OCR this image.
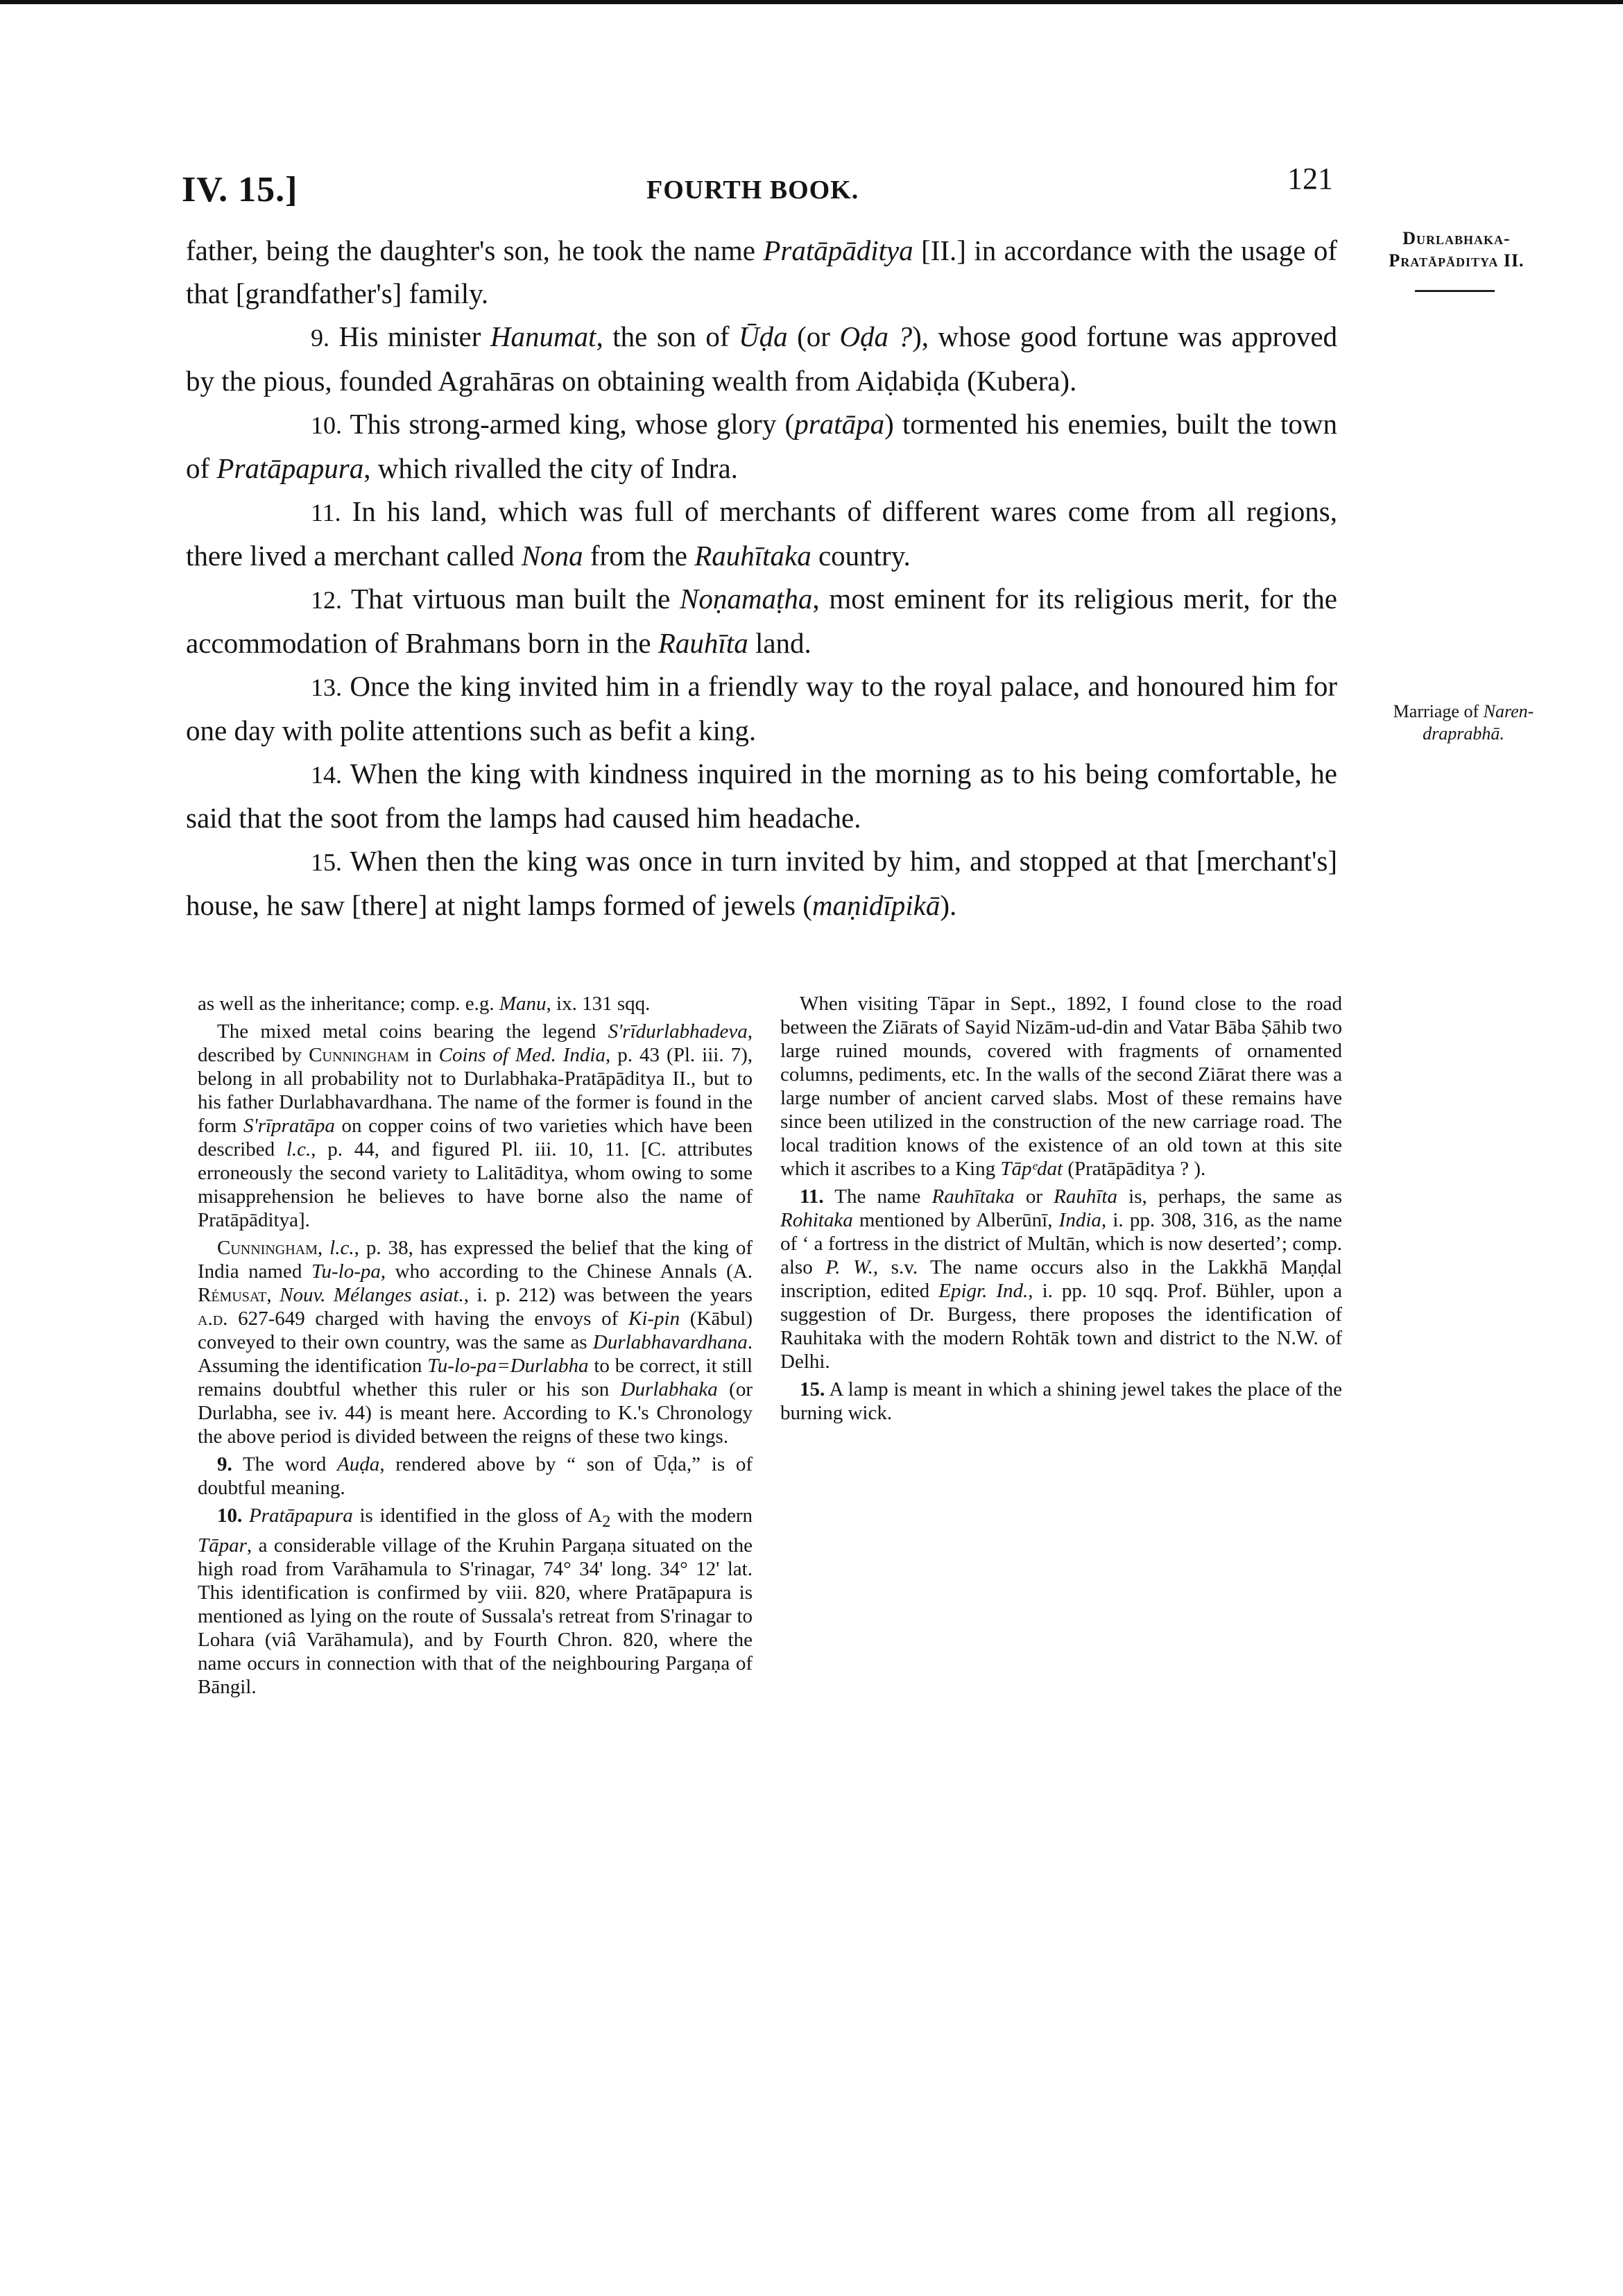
IV. 15.]	FOURTH BOOK.	121
Durlabhaka-
Pratāpāditya II.
Marriage of Naren-
draprabhā.

father, being the daughter's son, he took the name Pratāpāditya [II.] in accordance with the usage of that [grandfather's] family.

9. His minister Hanumat, the son of Ūḍa (or Oḍa ?), whose good fortune was approved by the pious, founded Agrahāras on obtaining wealth from Aiḍabiḍa (Kubera).

10. This strong-armed king, whose glory (pratāpa) tormented his enemies, built the town of Pratāpapura, which rivalled the city of Indra.

11. In his land, which was full of merchants of different wares come from all regions, there lived a merchant called Nona from the Rauhītaka country.

12. That virtuous man built the Noṇamaṭha, most eminent for its religious merit, for the accommodation of Brahmans born in the Rauhīta land.

13. Once the king invited him in a friendly way to the royal palace, and honoured him for one day with polite attentions such as befit a king.

14. When the king with kindness inquired in the morning as to his being comfortable, he said that the soot from the lamps had caused him headache.

15. When then the king was once in turn invited by him, and stopped at that [merchant's] house, he saw [there] at night lamps formed of jewels (maṇidīpikā).

as well as the inheritance; comp. e.g. Manu, ix. 131 sqq.

The mixed metal coins bearing the legend S'rīdurlabhadeva, described by Cunningham in Coins of Med. India, p. 43 (Pl. iii. 7), belong in all probability not to Durlabhaka-Pratāpāditya II., but to his father Durlabhavardhana. The name of the former is found in the form S'rīpratāpa on copper coins of two varieties which have been described l.c., p. 44, and figured Pl. iii. 10, 11. [C. attributes erroneously the second variety to Lalitāditya, whom owing to some misapprehension he believes to have borne also the name of Pratāpāditya].

Cunningham, l.c., p. 38, has expressed the belief that the king of India named Tu-lo-pa, who according to the Chinese Annals (A. Rémusat, Nouv. Mélanges asiat., i. p. 212) was between the years a.d. 627-649 charged with having the envoys of Ki-pin (Kābul) conveyed to their own country, was the same as Durlabhavardhana. Assuming the identification Tu-lo-pa=Durlabha to be correct, it still remains doubtful whether this ruler or his son Durlabhaka (or Durlabha, see iv. 44) is meant here. According to K.'s Chronology the above period is divided between the reigns of these two kings.

9. The word Auḍa, rendered above by “ son of Ūḍa,” is of doubtful meaning.

10. Pratāpapura is identified in the gloss of $A_2$ with the modern Tāpar, a considerable village of the Kruhin Pargaṇa situated on the high road from Varāhamula to S'rinagar, 74° 34' long. 34° 12' lat. This identification is confirmed by viii. 820, where Pratāpapura is mentioned as lying on the route of Sussala's retreat from S'rinagar to Lohara (viâ Varāhamula), and by Fourth Chron. 820, where the name occurs in connection with that of the neighbouring Pargaṇa of Bāngil.

When visiting Tāpar in Sept., 1892, I found close to the road between the Ziārats of Sayid Nizām-ud-din and Vatar Bāba Ṣāhib two large ruined mounds, covered with fragments of ornamented columns, pediments, etc. In the walls of the second Ziārat there was a large number of ancient carved slabs. Most of these remains have since been utilized in the construction of the new carriage road. The local tradition knows of the existence of an old town at this site which it ascribes to a King Tāpᵉdat (Pratāpāditya ? ).

11. The name Rauhītaka or Rauhīta is, perhaps, the same as Rohitaka mentioned by Alberūnī, India, i. pp. 308, 316, as the name of ‘ a fortress in the district of Multān, which is now deserted’; comp. also P. W., s.v. The name occurs also in the Lakkhā Maṇḍal inscription, edited Epigr. Ind., i. pp. 10 sqq. Prof. Bühler, upon a suggestion of Dr. Burgess, there proposes the identification of Rauhitaka with the modern Rohtāk town and district to the N.W. of Delhi.

15. A lamp is meant in which a shining jewel takes the place of the burning wick.
